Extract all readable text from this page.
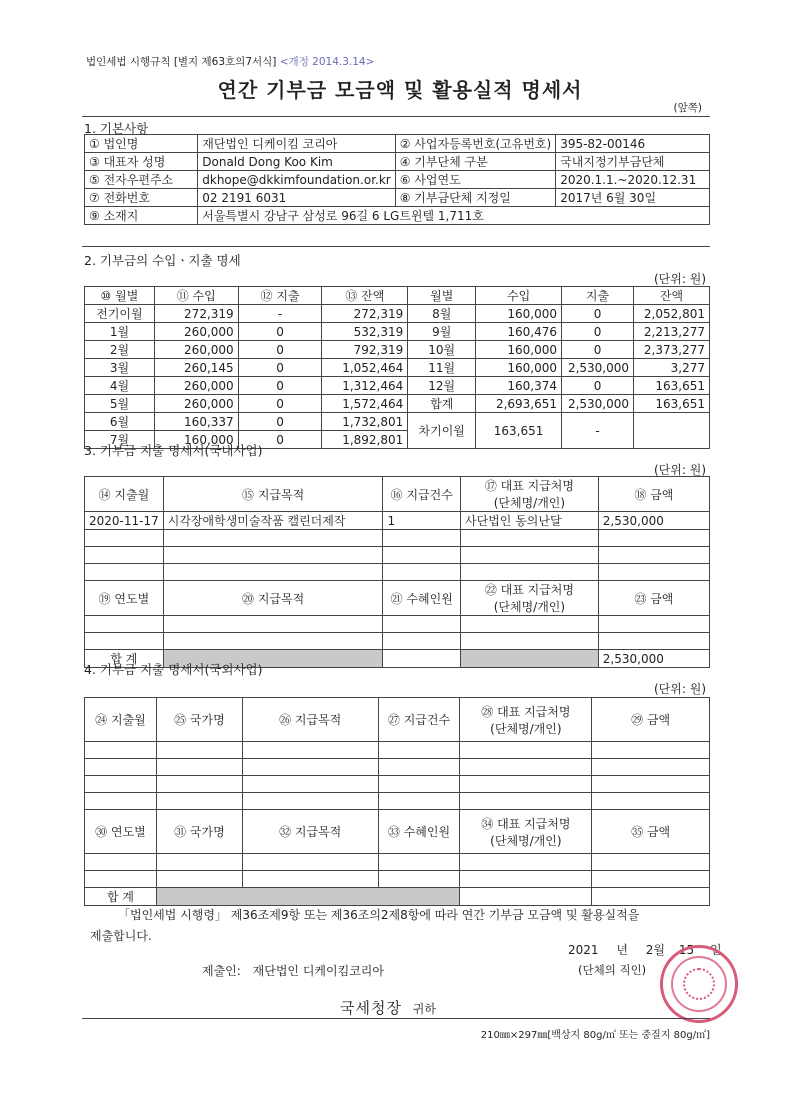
법인세법 시행규칙 [별지 제63호의7서식] <개정 2014.3.14>
연간 기부금 모금액 및 활용실적 명세서
(앞쪽)
1. 기본사항
① 법인명	재단법인 디케이킴 코리아	② 사업자등록번호(고유번호)	395-82-00146
③ 대표자 성명	Donald Dong Koo Kim	④ 기부단체 구분	국내지정기부금단체
⑤ 전자우편주소	dkhope@dkkimfoundation.or.kr	⑥ 사업연도	2020.1.1.~2020.12.31
⑦ 전화번호	02 2191 6031	⑧ 기부금단체 지정일	2017년 6월 30일
⑨ 소재지	서울특별시 강남구 삼성로 96길 6 LG트윈텔 1,711호		
2. 기부금의 수입ㆍ지출 명세
(단위: 원)
⑩ 월별	⑪ 수입	⑫ 지출	⑬ 잔액	월별	수입	지출	잔액
전기이월	272,319	-	272,319	8월	160,000	0	2,052,801
1월	260,000	0	532,319	9월	160,476	0	2,213,277
2월	260,000	0	792,319	10월	160,000	0	2,373,277
3월	260,145	0	1,052,464	11월	160,000	2,530,000	3,277
4월	260,000	0	1,312,464	12월	160,374	0	163,651
5월	260,000	0	1,572,464	합계	2,693,651	2,530,000	163,651
6월	160,337	0	1,732,801	차기이월	163,651	-	
7월	160,000	0	1,892,801				
3. 기부금 지출 명세서(국내사업)
(단위: 원)
⑭ 지출월	⑮ 지급목적	⑯ 지급건수	⑰ 대표 지급처명
(단체명/개인)	⑱ 금액
2020-11-17	시각장애학생미술작품 캘린더제작	1	사단법인 동의난달	2,530,000

⑲ 연도별	⑳ 지급목적	㉑ 수혜인원	㉒ 대표 지급처명
(단체명/개인)	㉓ 금액

합 계				2,530,000
4. 기부금 지출 명세서(국외사업)
(단위: 원)
㉔ 지출월	㉕ 국가명	㉖ 지급목적	㉗ 지급건수	㉘ 대표 지급처명
(단체명/개인)	㉙ 금액

㉚ 연도별	㉛ 국가명	㉜ 지급목적	㉝ 수혜인원	㉞ 대표 지급처명
(단체명/개인)	㉟ 금액

합 계					
「법인세법 시행령」 제36조제9항 또는 제36조의2제8항에 따라 연간 기부금 모금액 및 활용실적을
제출합니다.
2021 년 2월 15 일
제출인: 재단법인 디케이킴코리아	(단체의 직인)
국세청장 귀하
210㎜×297㎜[백상지 80g/㎡ 또는 중질지 80g/㎡]
